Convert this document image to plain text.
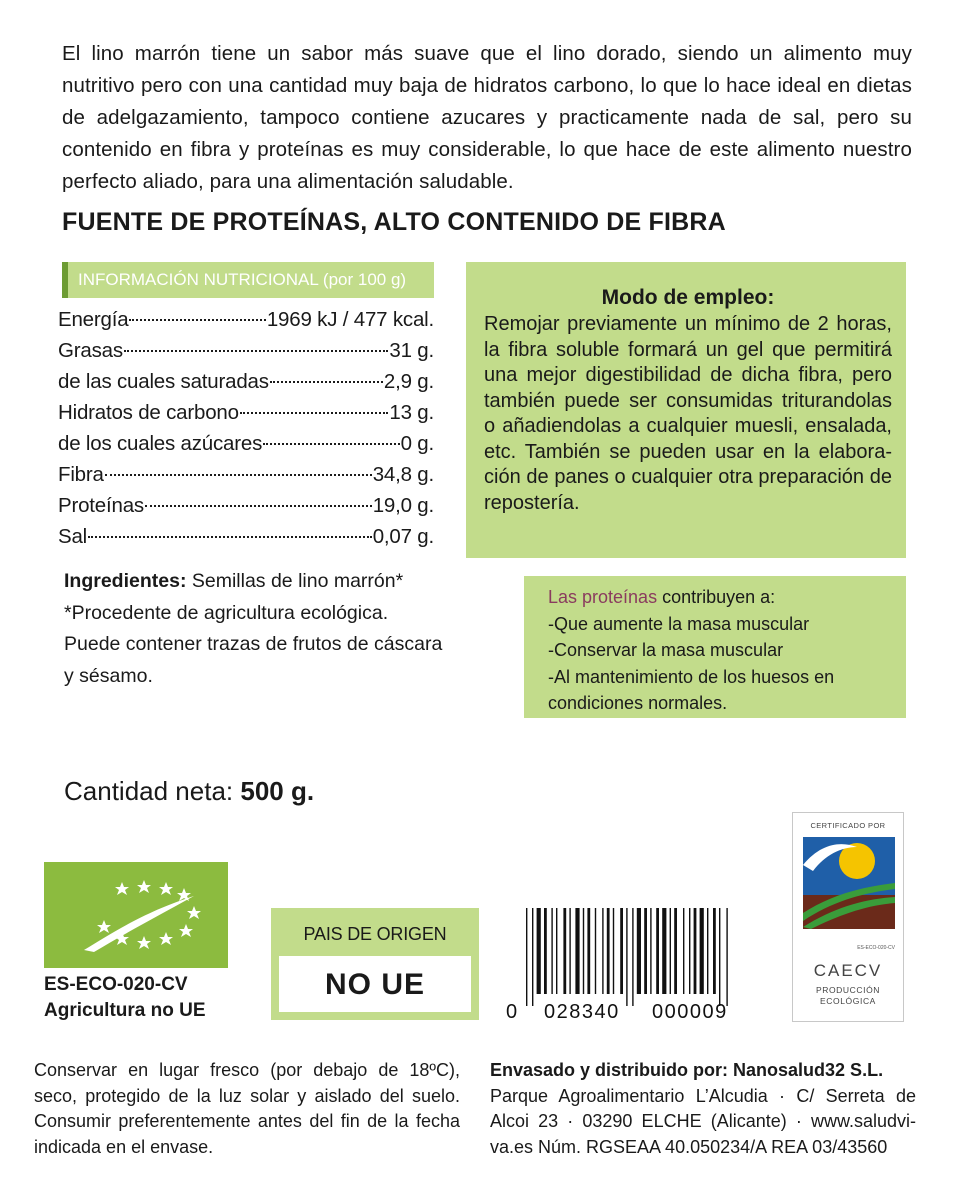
El lino marrón tiene un sabor más suave que el lino dorado, siendo un alimento muy nutritivo pero con una cantidad muy baja de hidratos carbono, lo que lo hace ideal en dietas de adelgazamiento, tampoco contiene azucares y practicamente nada de sal, pero su contenido en fibra y proteínas es muy considerable, lo que hace de este alimento nuestro perfecto aliado, para una alimentación saludable.

FUENTE DE PROTEÍNAS, ALTO CONTENIDO DE FIBRA
INFORMACIÓN NUTRICIONAL (por 100 g)
Energía	1969 kJ / 477 kcal.
Grasas	31 g.
de las cuales saturadas	2,9 g.
Hidratos de carbono	13 g.
de los cuales azúcares	0 g.
Fibra	34,8 g.
Proteínas	19,0 g.
Sal	0,07 g.
Modo de empleo:

Remojar previamente un mínimo de 2 horas, la fibra soluble formará un gel que permitirá una mejor digestibilidad de dicha fibra, pero también puede ser consumidas triturandolas o añadiendolas a cualquier muesli, ensalada, etc. También se pueden usar en la elaboración de panes o cualquier otra preparación de repostería.

Ingredientes: Semillas de lino marrón*
*Procedente de agricultura ecológica.
Puede contener trazas de frutos de cáscara y sésamo.
Las proteínas contribuyen a:
-Que aumente la masa muscular
-Conservar la masa muscular
-Al mantenimiento de los huesos en condiciones normales.
Cantidad neta: 500 g.
ES-ECO-020-CV
Agricultura no UE
PAIS DE ORIGEN
NO UE
0 028340 000009
CERTIFICADO POR
ES-ECO-020-CV
CAECV
PRODUCCIÓN
ECOLÓGICA

Conservar en lugar fresco (por debajo de 18ºC), seco, protegido de la luz solar y aislado del suelo. Consumir preferentemente antes del fin de la fecha indicada en el envase.

Envasado y distribuido por: Nanosalud32 S.L.
Parque Agroalimentario L’Alcudia · C/ Serreta de Alcoi 23 · 03290 ELCHE (Alicante) · www.saludviva.es Núm. RGSEAA 40.050234/A REA 03/43560
